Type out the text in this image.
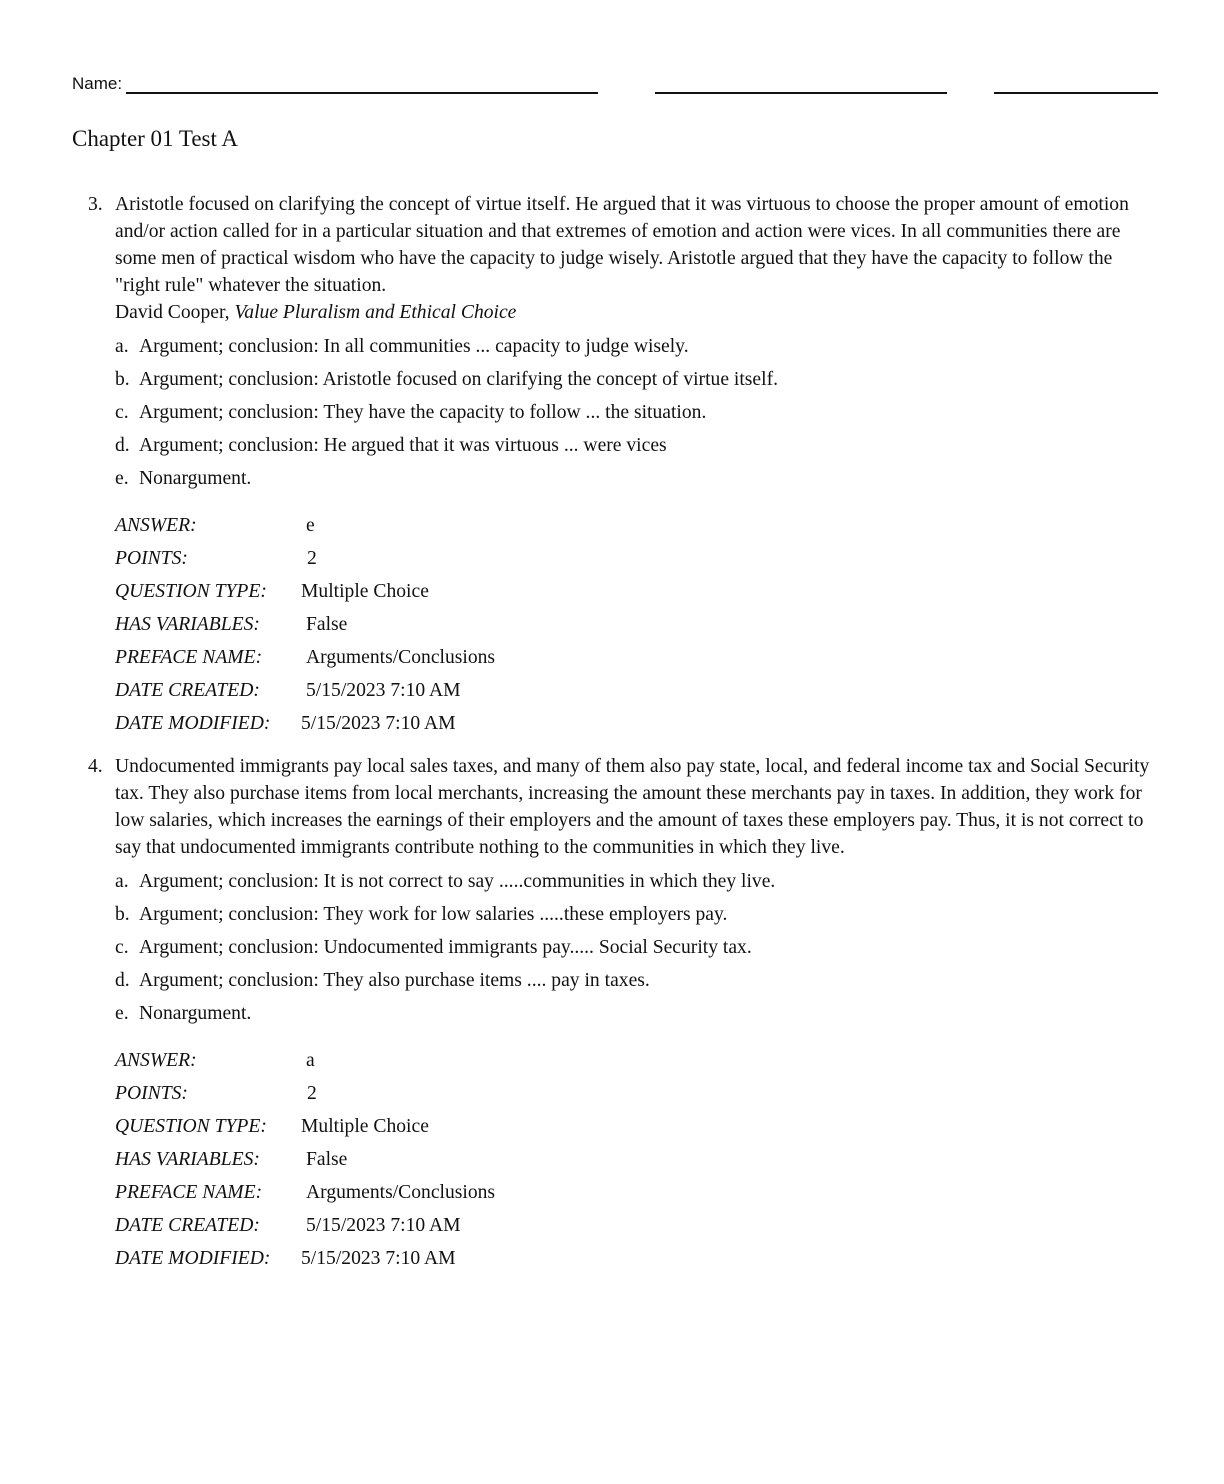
Name:
Chapter 01 Test A
3. Aristotle focused on clarifying the concept of virtue itself. He argued that it was virtuous to choose the proper amount of emotion and/or action called for in a particular situation and that extremes of emotion and action were vices. In all communities there are some men of practical wisdom who have the capacity to judge wisely. Aristotle argued that they have the capacity to follow the "right rule" whatever the situation.
David Cooper, Value Pluralism and Ethical Choice
a. Argument; conclusion: In all communities ... capacity to judge wisely.
b. Argument; conclusion: Aristotle focused on clarifying the concept of virtue itself.
c. Argument; conclusion: They have the capacity to follow ... the situation.
d. Argument; conclusion: He argued that it was virtuous ... were vices
e. Nonargument.
ANSWER:	e
POINTS:	2
QUESTION TYPE: Multiple Choice
HAS VARIABLES: False
PREFACE NAME: Arguments/Conclusions
DATE CREATED: 5/15/2023 7:10 AM
DATE MODIFIED: 5/15/2023 7:10 AM
4. Undocumented immigrants pay local sales taxes, and many of them also pay state, local, and federal income tax and Social Security tax. They also purchase items from local merchants, increasing the amount these merchants pay in taxes. In addition, they work for low salaries, which increases the earnings of their employers and the amount of taxes these employers pay. Thus, it is not correct to say that undocumented immigrants contribute nothing to the communities in which they live.
a. Argument; conclusion: It is not correct to say .....communities in which they live.
b. Argument; conclusion: They work for low salaries .....these employers pay.
c. Argument; conclusion: Undocumented immigrants pay..... Social Security tax.
d. Argument; conclusion: They also purchase items .... pay in taxes.
e. Nonargument.
ANSWER:	a
POINTS:	2
QUESTION TYPE: Multiple Choice
HAS VARIABLES: False
PREFACE NAME: Arguments/Conclusions
DATE CREATED: 5/15/2023 7:10 AM
DATE MODIFIED: 5/15/2023 7:10 AM
